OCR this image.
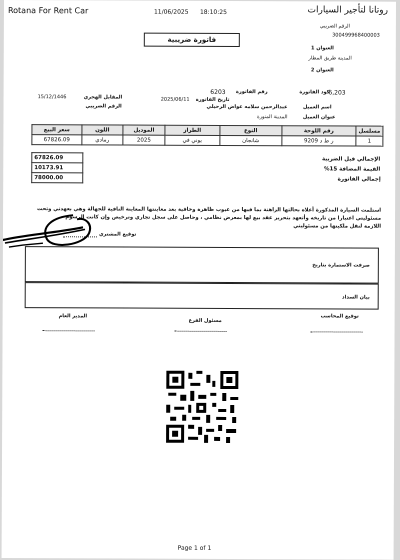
Rotana For Rent Car	11/06/2025 18:10:25	روتانا لتأجير السيارات
الرقم الضريبي
300499968400003
العنوان 1
المدينة طريق المطار
العنوان 2
فاتورة ضريبية
كود الفاتورة
6,203
رقم الفاتورة
6203
تاريخ الفاتورة
2025/06/11
المقابل الهجري
15/12/1446
الرقم الضريبي	اسم العميل
عبدالرحمن سلامه عواض الرحيلي
عنوان العميل
المدينة المنورة
سعر البيع	اللون	الموديل	الطراز	النوع	رقم اللوحة	مسلسل
67826.09	رمادي	2025	يوني في	شانجان	9209 ر ط د	1
67826.09	الإجمالي قبل الضريبة
10173.91	القيمة المضافة 15%
78000.00	إجمالي الفاتورة
استلمت السيارة المذكورة أعلاه بحالتها الراهنة بما فيها من عيوب ظاهرة وخافية بعد معاينتها المعاينة النافية للجهالة وهي بعهدتي وتحت
مسئوليتي اعتبارا من تاريخه وأتعهد بتحرير عقد بيع لها بمعرض نظامي ، وحاصل على سجل تجاري وترخيص وإن كانت الرسوم
اللازمة لنقل ملكيتها من مسئوليتي
توقيع المشتري
صرفت الاستمارة بتاريخ
بيان السداد
توقيع المحاسب
مسئول الفرع
المدير العام
Page 1 of 1
